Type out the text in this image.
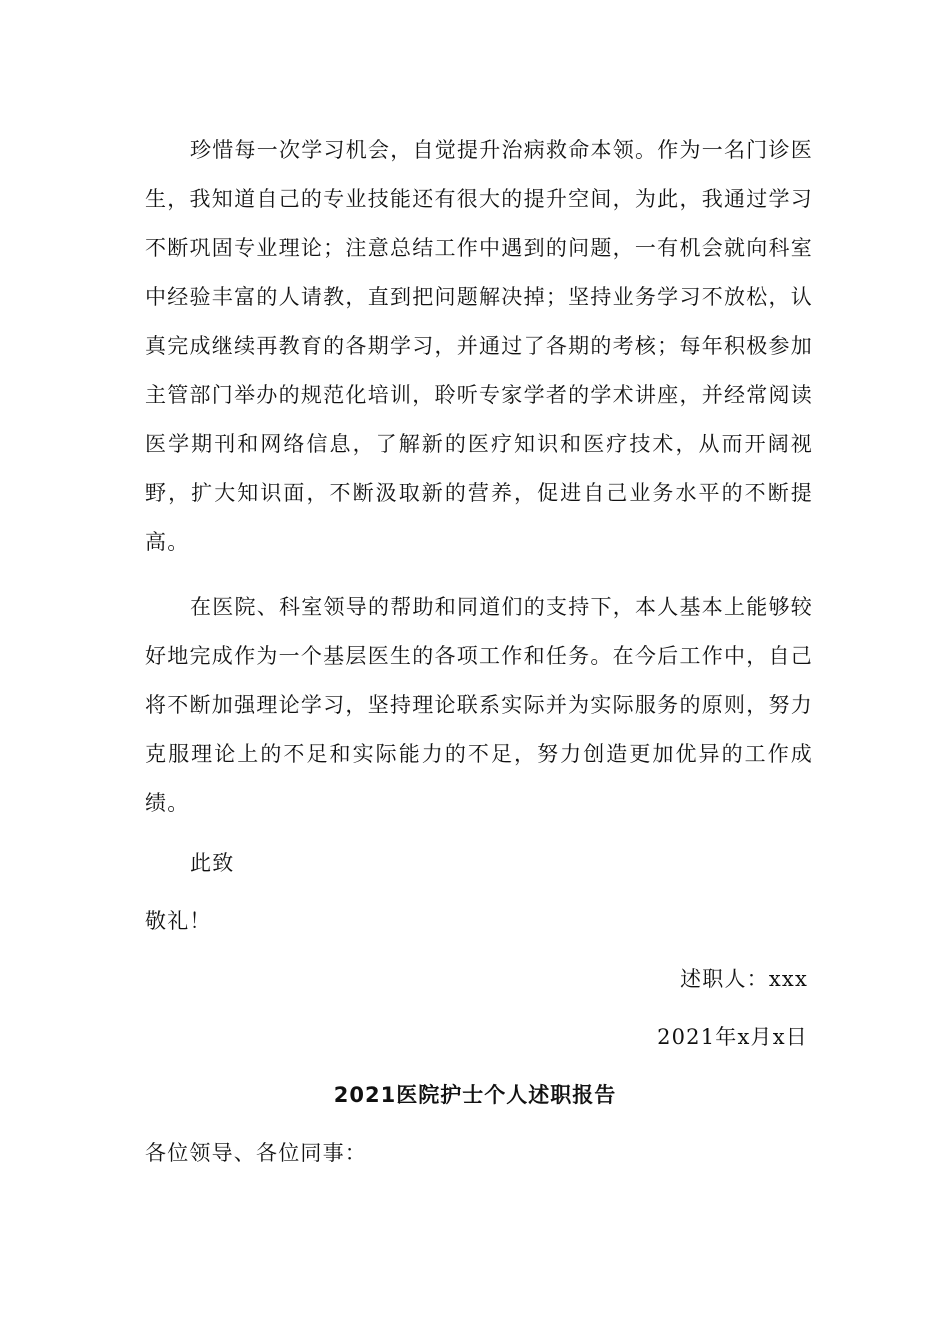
珍惜每一次学习机会，自觉提升治病救命本领。作为一名门诊医生，我知道自己的专业技能还有很大的提升空间，为此，我通过学习不断巩固专业理论；注意总结工作中遇到的问题，一有机会就向科室中经验丰富的人请教，直到把问题解决掉；坚持业务学习不放松，认真完成继续再教育的各期学习，并通过了各期的考核；每年积极参加主管部门举办的规范化培训，聆听专家学者的学术讲座，并经常阅读医学期刊和网络信息，了解新的医疗知识和医疗技术，从而开阔视野，扩大知识面，不断汲取新的营养，促进自己业务水平的不断提高。

在医院、科室领导的帮助和同道们的支持下，本人基本上能够较好地完成作为一个基层医生的各项工作和任务。在今后工作中，自己将不断加强理论学习，坚持理论联系实际并为实际服务的原则，努力克服理论上的不足和实际能力的不足，努力创造更加优异的工作成绩。

此致
敬礼！
述职人：xxx
2021年x月x日
2021医院护士个人述职报告
各位领导、各位同事：
